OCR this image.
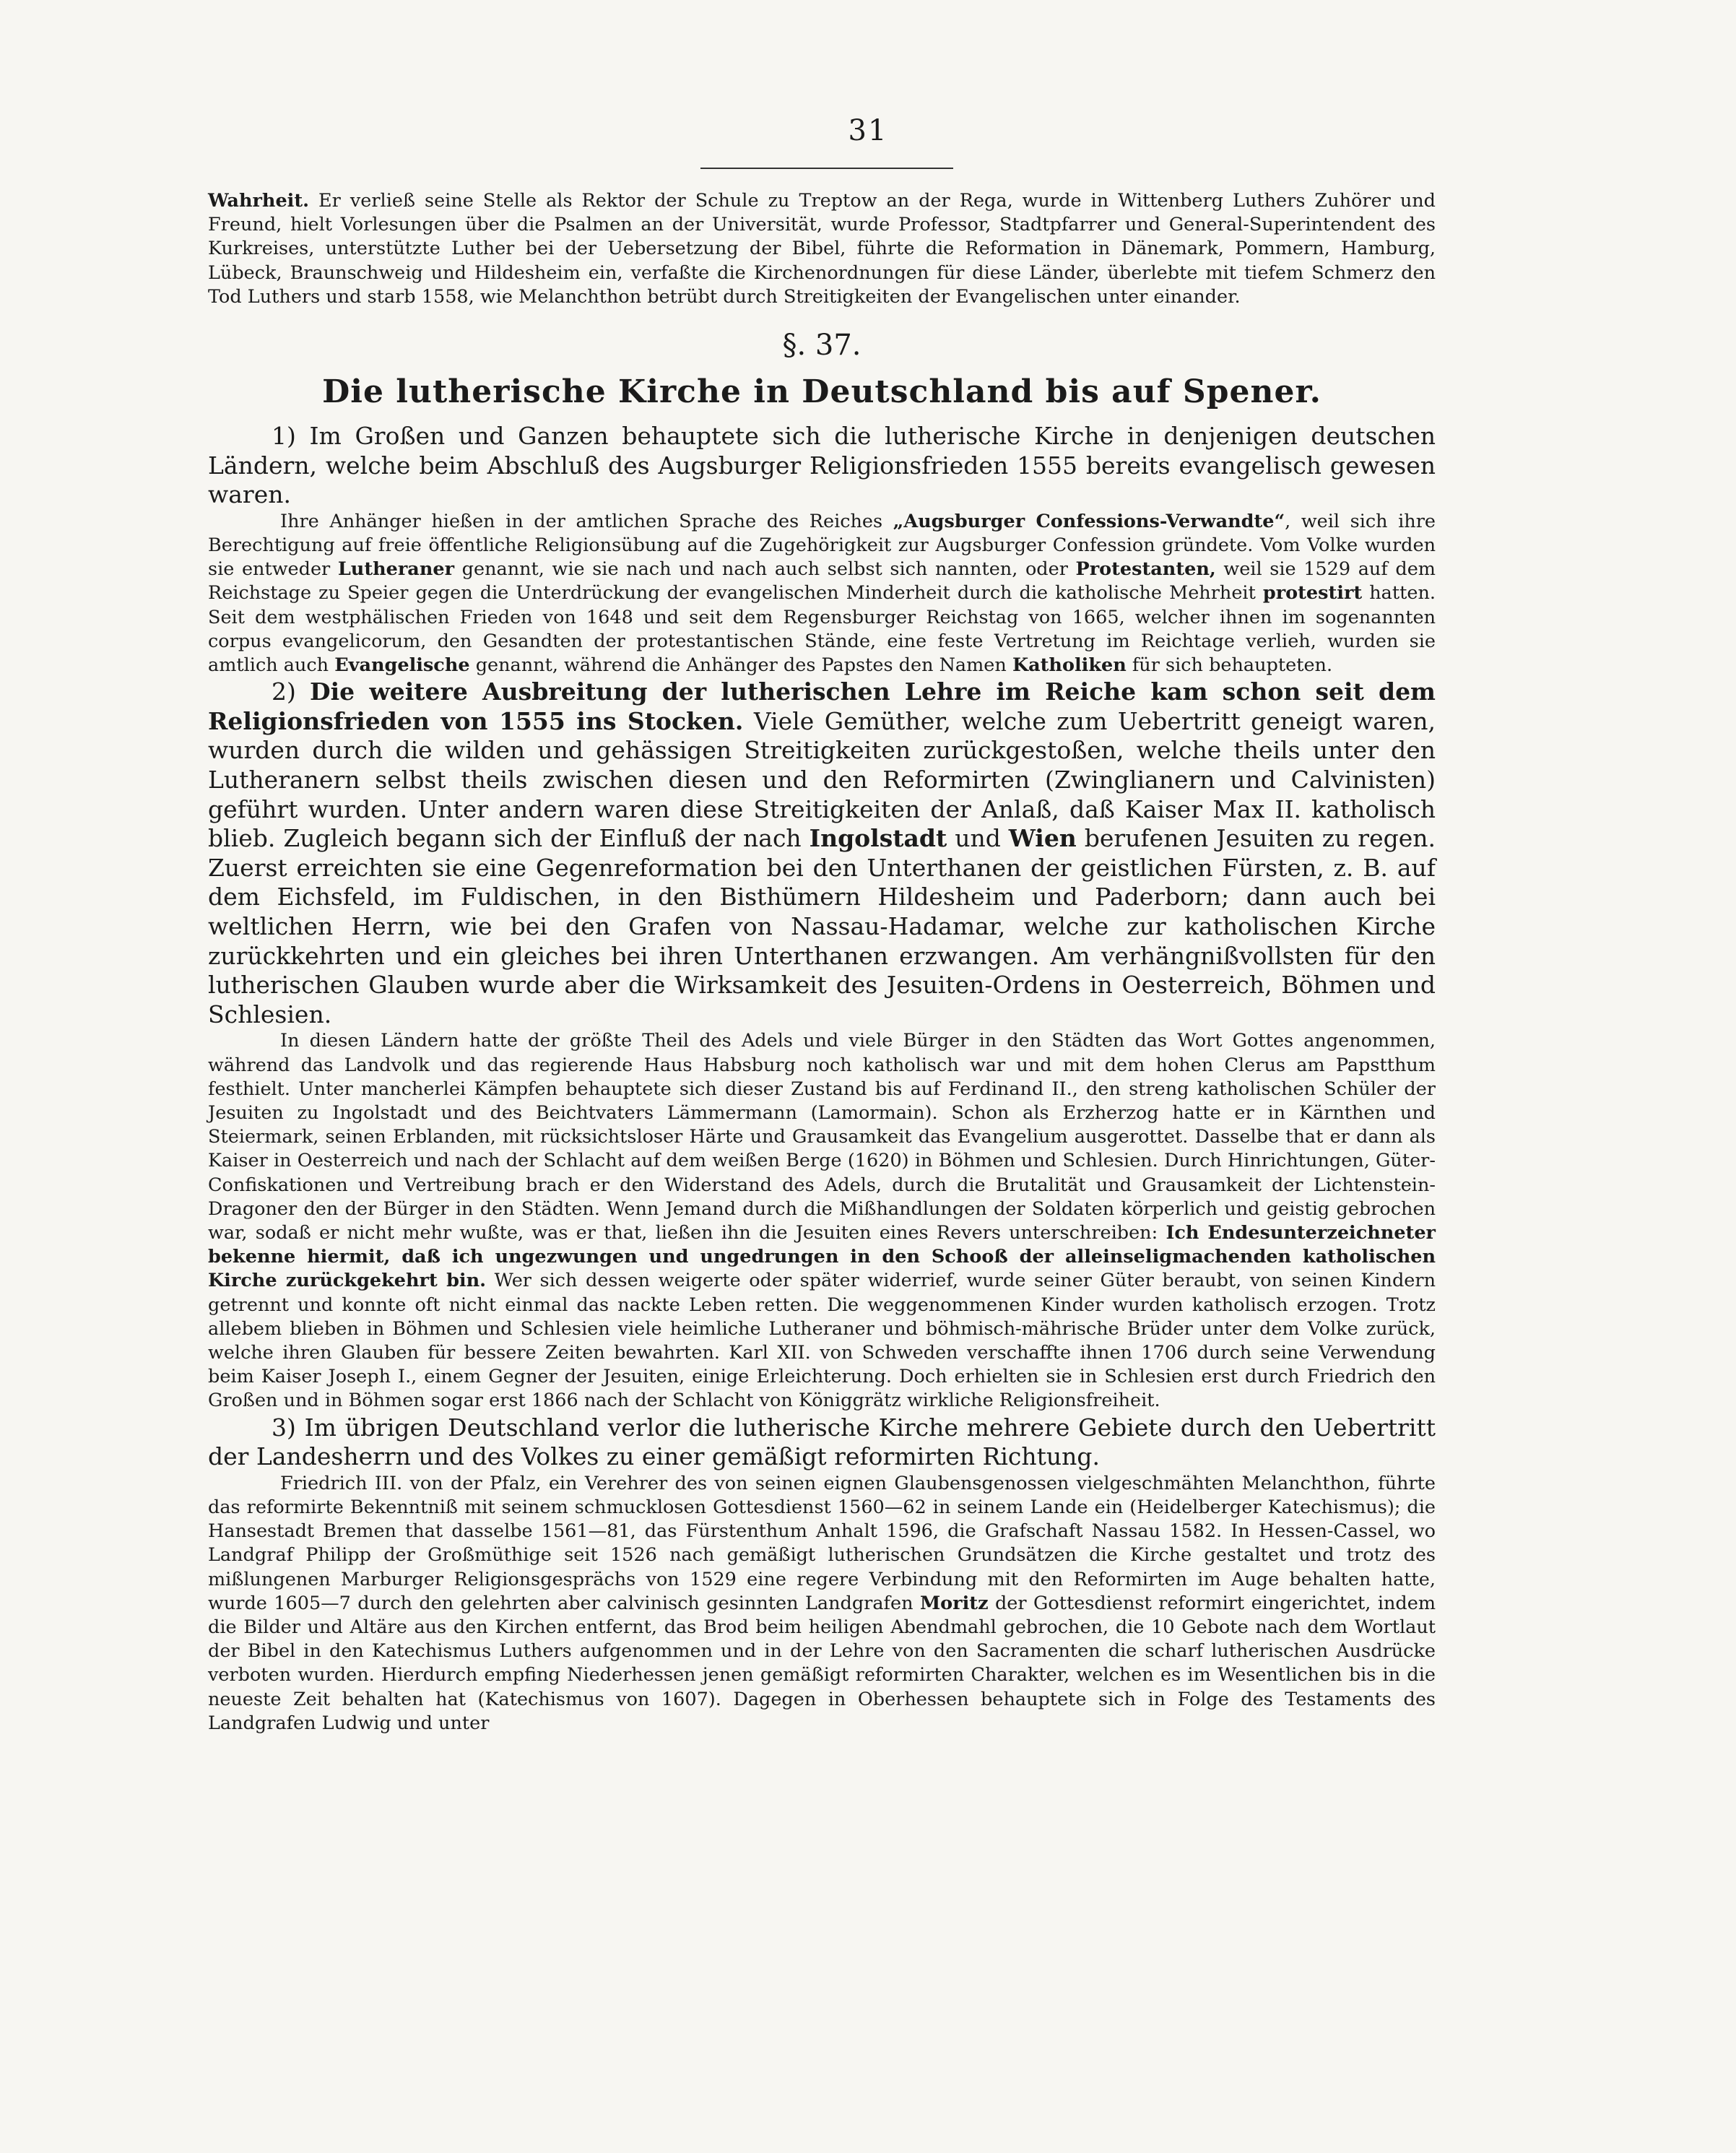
31

Wahrheit. Er verließ seine Stelle als Rektor der Schule zu Treptow an der Rega, wurde in Wittenberg Luthers Zuhörer und Freund, hielt Vorlesungen über die Psalmen an der Universität, wurde Professor, Stadtpfarrer und General-Superintendent des Kurkreises, unterstützte Luther bei der Uebersetzung der Bibel, führte die Reformation in Dänemark, Pommern, Hamburg, Lübeck, Braunschweig und Hildesheim ein, verfaßte die Kirchenordnungen für diese Länder, überlebte mit tiefem Schmerz den Tod Luthers und starb 1558, wie Melanchthon betrübt durch Streitigkeiten der Evangelischen unter einander.

§. 37.
Die lutherische Kirche in Deutschland bis auf Spener.

1) Im Großen und Ganzen behauptete sich die lutherische Kirche in denjenigen deutschen Ländern, welche beim Abschluß des Augsburger Religionsfrieden 1555 bereits evangelisch gewesen waren.

Ihre Anhänger hießen in der amtlichen Sprache des Reiches „Augsburger Confessions-Verwandte“, weil sich ihre Berechtigung auf freie öffentliche Religionsübung auf die Zugehörigkeit zur Augsburger Confession gründete. Vom Volke wurden sie entweder Lutheraner genannt, wie sie nach und nach auch selbst sich nannten, oder Protestanten, weil sie 1529 auf dem Reichstage zu Speier gegen die Unterdrückung der evangelischen Minderheit durch die katholische Mehrheit protestirt hatten. Seit dem westphälischen Frieden von 1648 und seit dem Regensburger Reichstag von 1665, welcher ihnen im sogenannten corpus evangelicorum, den Gesandten der protestantischen Stände, eine feste Vertretung im Reichtage verlieh, wurden sie amtlich auch Evangelische genannt, während die Anhänger des Papstes den Namen Katholiken für sich behaupteten.

2) Die weitere Ausbreitung der lutherischen Lehre im Reiche kam schon seit dem Religionsfrieden von 1555 ins Stocken. Viele Gemüther, welche zum Uebertritt geneigt waren, wurden durch die wilden und gehässigen Streitigkeiten zurückgestoßen, welche theils unter den Lutheranern selbst theils zwischen diesen und den Reformirten (Zwinglianern und Calvinisten) geführt wurden. Unter andern waren diese Streitigkeiten der Anlaß, daß Kaiser Max II. katholisch blieb. Zugleich begann sich der Einfluß der nach Ingolstadt und Wien berufenen Jesuiten zu regen. Zuerst erreichten sie eine Gegenreformation bei den Unterthanen der geistlichen Fürsten, z. B. auf dem Eichsfeld, im Fuldischen, in den Bisthümern Hildesheim und Paderborn; dann auch bei weltlichen Herrn, wie bei den Grafen von Nassau-Hadamar, welche zur katholischen Kirche zurückkehrten und ein gleiches bei ihren Unterthanen erzwangen. Am verhängnißvollsten für den lutherischen Glauben wurde aber die Wirksamkeit des Jesuiten-Ordens in Oesterreich, Böhmen und Schlesien.

In diesen Ländern hatte der größte Theil des Adels und viele Bürger in den Städten das Wort Gottes angenommen, während das Landvolk und das regierende Haus Habsburg noch katholisch war und mit dem hohen Clerus am Papstthum festhielt. Unter mancherlei Kämpfen behauptete sich dieser Zustand bis auf Ferdinand II., den streng katholischen Schüler der Jesuiten zu Ingolstadt und des Beichtvaters Lämmermann (Lamormain). Schon als Erzherzog hatte er in Kärnthen und Steiermark, seinen Erblanden, mit rücksichtsloser Härte und Grausamkeit das Evangelium ausgerottet. Dasselbe that er dann als Kaiser in Oesterreich und nach der Schlacht auf dem weißen Berge (1620) in Böhmen und Schlesien. Durch Hinrichtungen, Güter-Confiskationen und Vertreibung brach er den Widerstand des Adels, durch die Brutalität und Grausamkeit der Lichtenstein-Dragoner den der Bürger in den Städten. Wenn Jemand durch die Mißhandlungen der Soldaten körperlich und geistig gebrochen war, sodaß er nicht mehr wußte, was er that, ließen ihn die Jesuiten eines Revers unterschreiben: Ich Endesunterzeichneter bekenne hiermit, daß ich ungezwungen und ungedrungen in den Schooß der alleinseligmachenden katholischen Kirche zurückgekehrt bin. Wer sich dessen weigerte oder später widerrief, wurde seiner Güter beraubt, von seinen Kindern getrennt und konnte oft nicht einmal das nackte Leben retten. Die weggenommenen Kinder wurden katholisch erzogen. Trotz allebem blieben in Böhmen und Schlesien viele heimliche Lutheraner und böhmisch-mährische Brüder unter dem Volke zurück, welche ihren Glauben für bessere Zeiten bewahrten. Karl XII. von Schweden verschaffte ihnen 1706 durch seine Verwendung beim Kaiser Joseph I., einem Gegner der Jesuiten, einige Erleichterung. Doch erhielten sie in Schlesien erst durch Friedrich den Großen und in Böhmen sogar erst 1866 nach der Schlacht von Königgrätz wirkliche Religionsfreiheit.

3) Im übrigen Deutschland verlor die lutherische Kirche mehrere Gebiete durch den Uebertritt der Landesherrn und des Volkes zu einer gemäßigt reformirten Richtung.

Friedrich III. von der Pfalz, ein Verehrer des von seinen eignen Glaubensgenossen vielgeschmähten Melanchthon, führte das reformirte Bekenntniß mit seinem schmucklosen Gottesdienst 1560—62 in seinem Lande ein (Heidelberger Katechismus); die Hansestadt Bremen that dasselbe 1561—81, das Fürstenthum Anhalt 1596, die Grafschaft Nassau 1582. In Hessen-Cassel, wo Landgraf Philipp der Großmüthige seit 1526 nach gemäßigt lutherischen Grundsätzen die Kirche gestaltet und trotz des mißlungenen Marburger Religionsgesprächs von 1529 eine regere Verbindung mit den Reformirten im Auge behalten hatte, wurde 1605—7 durch den gelehrten aber calvinisch gesinnten Landgrafen Moritz der Gottesdienst reformirt eingerichtet, indem die Bilder und Altäre aus den Kirchen entfernt, das Brod beim heiligen Abendmahl gebrochen, die 10 Gebote nach dem Wortlaut der Bibel in den Katechismus Luthers aufgenommen und in der Lehre von den Sacramenten die scharf lutherischen Ausdrücke verboten wurden. Hierdurch empfing Niederhessen jenen gemäßigt reformirten Charakter, welchen es im Wesentlichen bis in die neueste Zeit behalten hat (Katechismus von 1607). Dagegen in Oberhessen behauptete sich in Folge des Testaments des Landgrafen Ludwig und unter
